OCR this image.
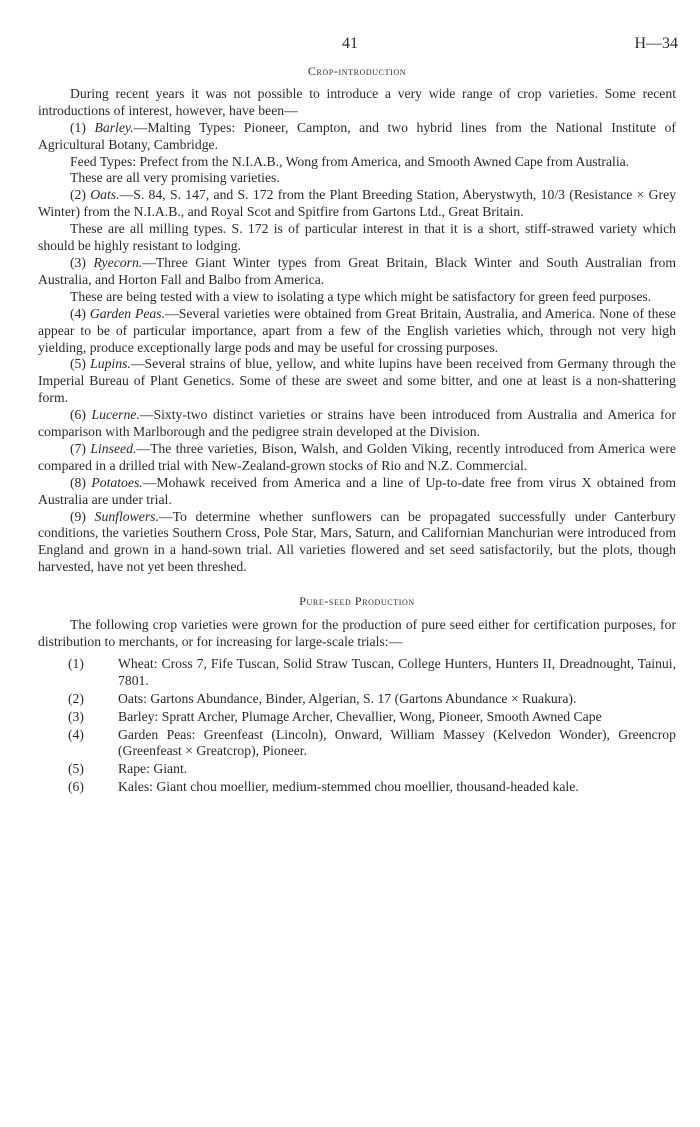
41	H—34
Crop-introduction

During recent years it was not possible to introduce a very wide range of crop varieties. Some recent introductions of interest, however, have been—

(1) Barley.—Malting Types: Pioneer, Campton, and two hybrid lines from the National Institute of Agricultural Botany, Cambridge.

Feed Types: Prefect from the N.I.A.B., Wong from America, and Smooth Awned Cape from Australia.

These are all very promising varieties.

(2) Oats.—S. 84, S. 147, and S. 172 from the Plant Breeding Station, Aberystwyth, 10/3 (Resistance × Grey Winter) from the N.I.A.B., and Royal Scot and Spitfire from Gartons Ltd., Great Britain.

These are all milling types. S. 172 is of particular interest in that it is a short, stiff-strawed variety which should be highly resistant to lodging.

(3) Ryecorn.—Three Giant Winter types from Great Britain, Black Winter and South Australian from Australia, and Horton Fall and Balbo from America.

These are being tested with a view to isolating a type which might be satisfactory for green feed purposes.

(4) Garden Peas.—Several varieties were obtained from Great Britain, Australia, and America. None of these appear to be of particular importance, apart from a few of the English varieties which, through not very high yielding, produce exceptionally large pods and may be useful for crossing purposes.

(5) Lupins.—Several strains of blue, yellow, and white lupins have been received from Germany through the Imperial Bureau of Plant Genetics. Some of these are sweet and some bitter, and one at least is a non-shattering form.

(6) Lucerne.—Sixty-two distinct varieties or strains have been introduced from Australia and America for comparison with Marlborough and the pedigree strain developed at the Division.

(7) Linseed.—The three varieties, Bison, Walsh, and Golden Viking, recently introduced from America were compared in a drilled trial with New-Zealand-grown stocks of Rio and N.Z. Commercial.

(8) Potatoes.—Mohawk received from America and a line of Up-to-date free from virus X obtained from Australia are under trial.

(9) Sunflowers.—To determine whether sunflowers can be propagated successfully under Canterbury conditions, the varieties Southern Cross, Pole Star, Mars, Saturn, and Californian Manchurian were introduced from England and grown in a hand-sown trial. All varieties flowered and set seed satisfactorily, but the plots, though harvested, have not yet been threshed.

Pure-seed Production

The following crop varieties were grown for the production of pure seed either for certification purposes, for distribution to merchants, or for increasing for large-scale trials:—

(1) Wheat: Cross 7, Fife Tuscan, Solid Straw Tuscan, College Hunters, Hunters II, Dreadnought, Tainui, 7801.
(2) Oats: Gartons Abundance, Binder, Algerian, S. 17 (Gartons Abundance × Ruakura).
(3) Barley: Spratt Archer, Plumage Archer, Chevallier, Wong, Pioneer, Smooth Awned Cape
(4) Garden Peas: Greenfeast (Lincoln), Onward, William Massey (Kelvedon Wonder), Greencrop (Greenfeast × Greatcrop), Pioneer.
(5) Rape: Giant.
(6) Kales: Giant chou moellier, medium-stemmed chou moellier, thousand-headed kale.
